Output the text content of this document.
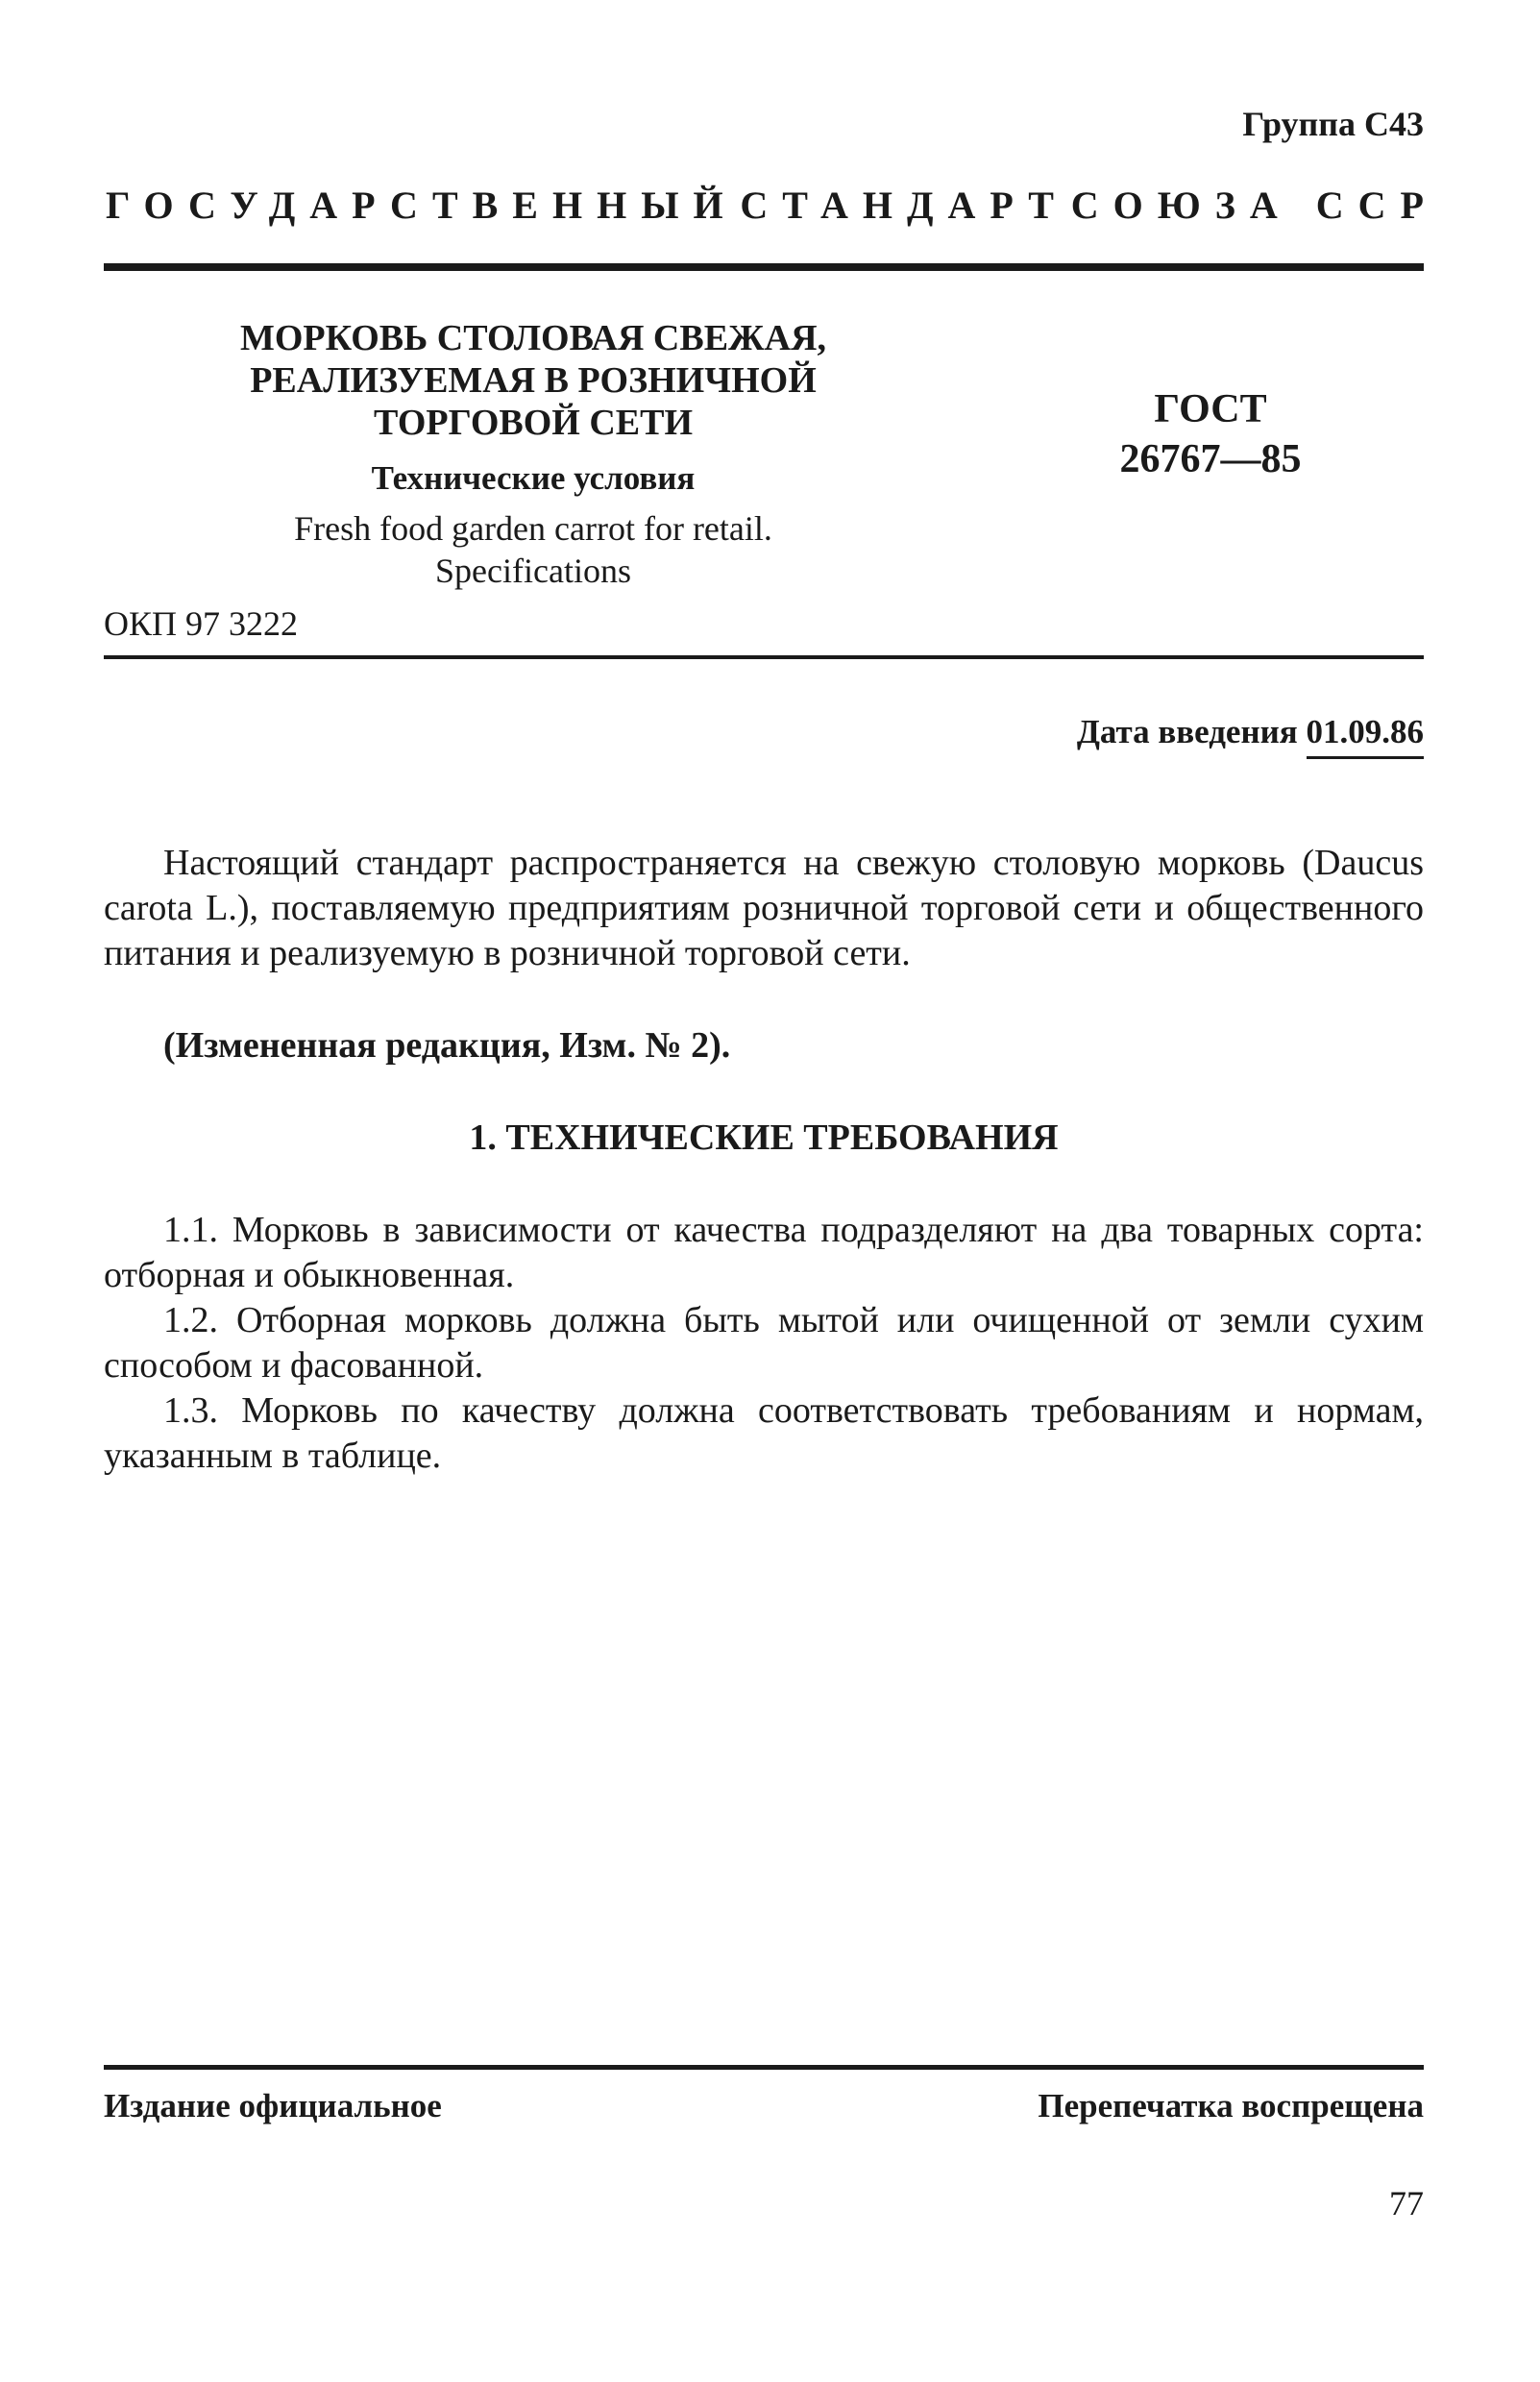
Группа С43
ГОСУДАРСТВЕННЫЙ СТАНДАРТ СОЮЗА ССР
МОРКОВЬ СТОЛОВАЯ СВЕЖАЯ,
РЕАЛИЗУЕМАЯ В РОЗНИЧНОЙ
ТОРГОВОЙ СЕТИ
Технические условия
Fresh food garden carrot for retail.
Specifications
ГОСТ
26767—85
ОКП 97 3222
Дата введения 01.09.86
Настоящий стандарт распространяется на свежую столовую морковь (Daucus carota L.), поставляемую предприятиям розничной торговой сети и общественного питания и реализуемую в розничной торговой сети.
(Измененная редакция, Изм. № 2).
1. ТЕХНИЧЕСКИЕ ТРЕБОВАНИЯ

1.1. Морковь в зависимости от качества подразделяют на два товарных сорта: отборная и обыкновенная.

1.2. Отборная морковь должна быть мытой или очищенной от земли сухим способом и фасованной.

1.3. Морковь по качеству должна соответствовать требованиям и нормам, указанным в таблице.

Издание официальное	Перепечатка воспрещена
77
